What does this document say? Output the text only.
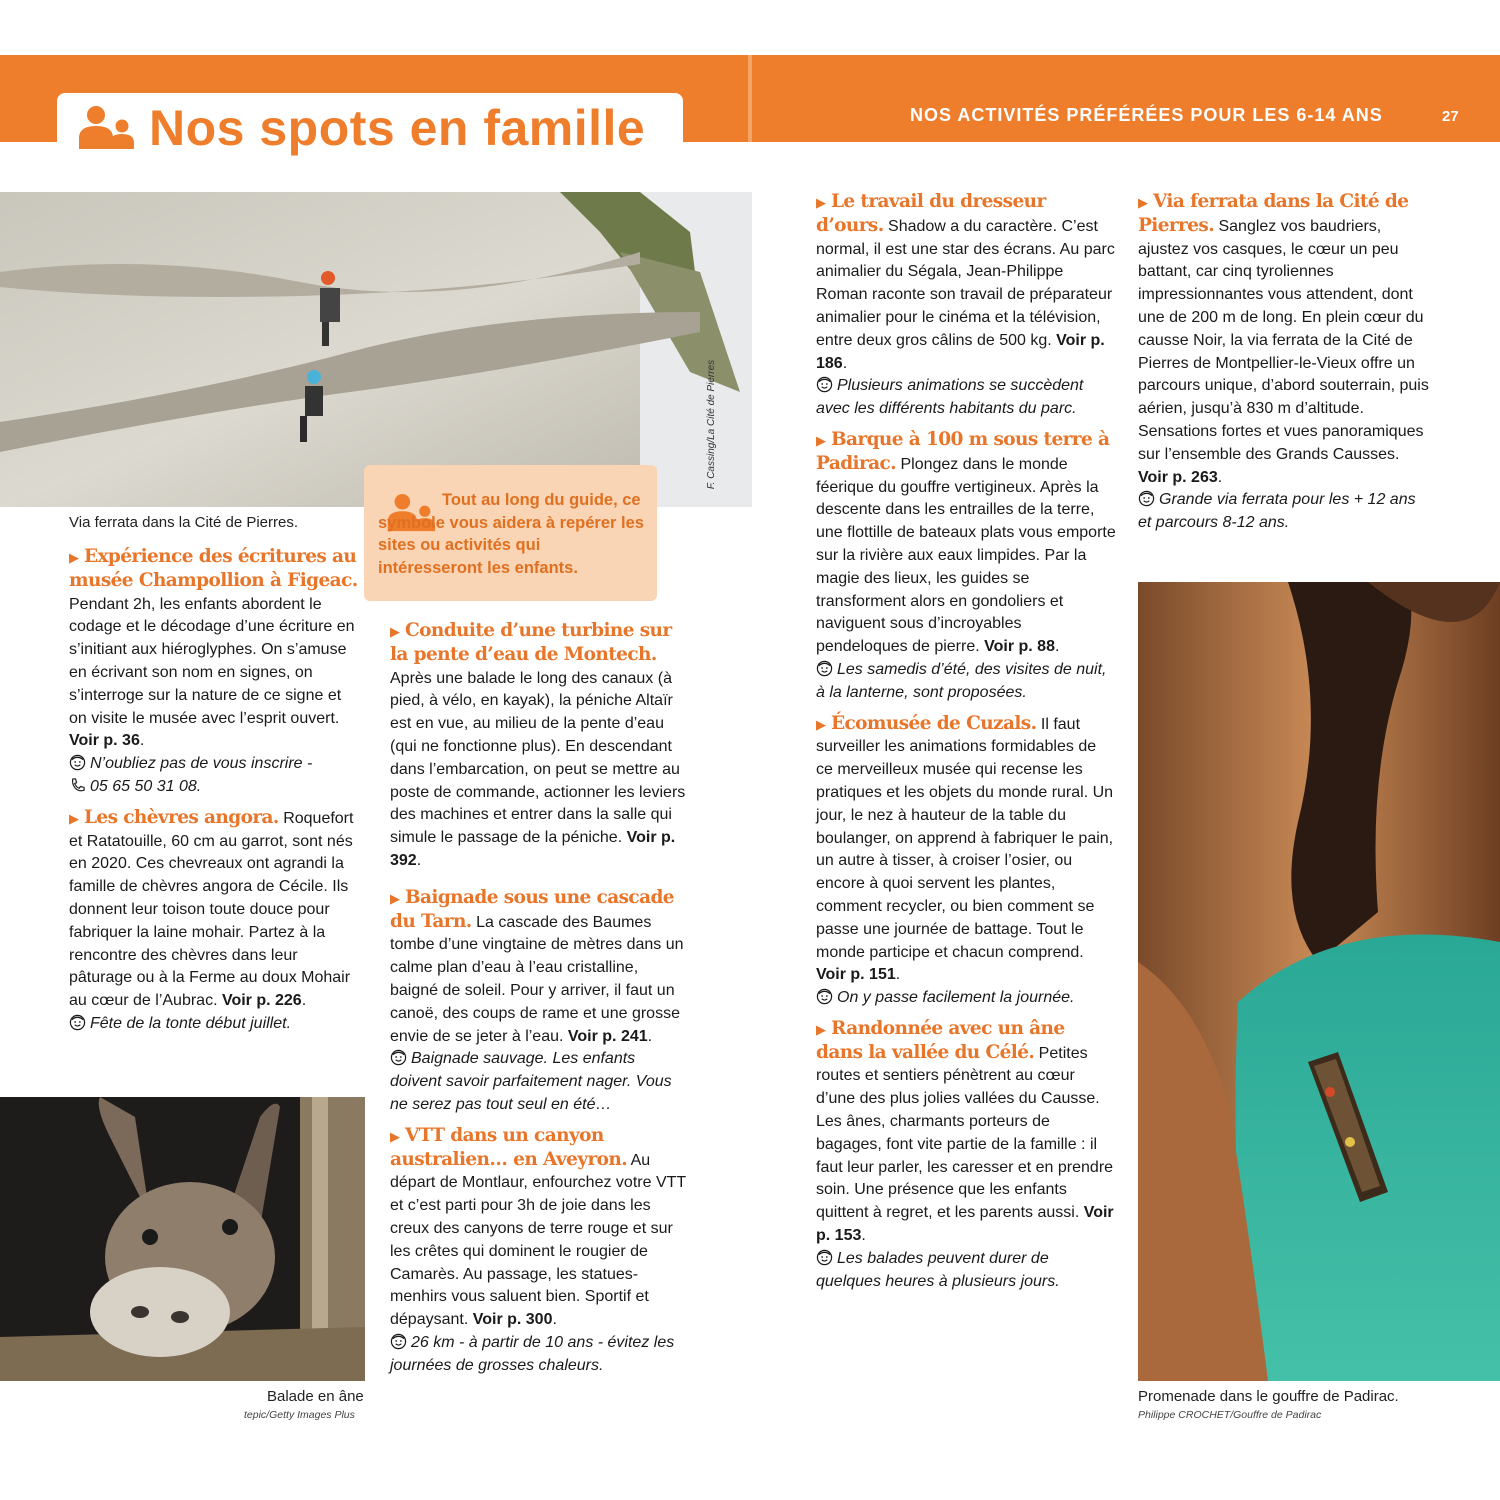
Nos spots en famille	NOS ACTIVITÉS PRÉFÉRÉES POUR LES 6-14 ANS	27
F. Cassing/La Cité de Pierres
Via ferrata dans la Cité de Pierres.

Tout au long du guide, ce symbole vous aidera à repérer les sites ou activités qui intéresseront les enfants.

▶ Expérience des écritures au musée Champollion à Figeac. Pendant 2h, les enfants abordent le codage et le décodage d’une écriture en s’initiant aux hiéroglyphes. On s’amuse en écrivant son nom en signes, on s’interroge sur la nature de ce signe et on visite le musée avec l’esprit ouvert. Voir p. 36.

N’oubliez pas de vous inscrire -
05 65 50 31 08.

▶ Les chèvres angora. Roquefort et Ratatouille, 60 cm au garrot, sont nés en 2020. Ces chevreaux ont agrandi la famille de chèvres angora de Cécile. Ils donnent leur toison toute douce pour fabriquer la laine mohair. Partez à la rencontre des chèvres dans leur pâturage ou à la Ferme au doux Mohair au cœur de l’Aubrac. Voir p. 226.

Fête de la tonte début juillet.

Balade en âne
tepic/Getty Images Plus

▶ Conduite d’une turbine sur la pente d’eau de Montech. Après une balade le long des canaux (à pied, à vélo, en kayak), la péniche Altaïr est en vue, au milieu de la pente d’eau (qui ne fonctionne plus). En descendant dans l’embarcation, on peut se mettre au poste de commande, actionner les leviers des machines et entrer dans la salle qui simule le passage de la péniche. Voir p. 392.

▶ Baignade sous une cascade du Tarn. La cascade des Baumes tombe d’une vingtaine de mètres dans un calme plan d’eau à l’eau cristalline, baigné de soleil. Pour y arriver, il faut un canoë, des coups de rame et une grosse envie de se jeter à l’eau. Voir p. 241.

Baignade sauvage. Les enfants doivent savoir parfaitement nager. Vous ne serez pas tout seul en été…

▶ VTT dans un canyon australien… en Aveyron. Au départ de Montlaur, enfourchez votre VTT et c’est parti pour 3h de joie dans les creux des canyons de terre rouge et sur les crêtes qui dominent le rougier de Camarès. Au passage, les statues-menhirs vous saluent bien. Sportif et dépaysant. Voir p. 300.

26 km - à partir de 10 ans - évitez les journées de grosses chaleurs.

▶ Le travail du dresseur d’ours. Shadow a du caractère. C’est normal, il est une star des écrans. Au parc animalier du Ségala, Jean-Philippe Roman raconte son travail de préparateur animalier pour le cinéma et la télévision, entre deux gros câlins de 500 kg. Voir p. 186.

Plusieurs animations se succèdent avec les différents habitants du parc.

▶ Barque à 100 m sous terre à Padirac. Plongez dans le monde féerique du gouffre vertigineux. Après la descente dans les entrailles de la terre, une flottille de bateaux plats vous emporte sur la rivière aux eaux limpides. Par la magie des lieux, les guides se transforment alors en gondoliers et naviguent sous d’incroyables pendeloques de pierre. Voir p. 88.

Les samedis d’été, des visites de nuit, à la lanterne, sont proposées.

▶ Écomusée de Cuzals. Il faut surveiller les animations formidables de ce merveilleux musée qui recense les pratiques et les objets du monde rural. Un jour, le nez à hauteur de la table du boulanger, on apprend à fabriquer le pain, un autre à tisser, à croiser l’osier, ou encore à quoi servent les plantes, comment recycler, ou bien comment se passe une journée de battage. Tout le monde participe et chacun comprend. Voir p. 151.

On y passe facilement la journée.

▶ Randonnée avec un âne dans la vallée du Célé. Petites routes et sentiers pénètrent au cœur d’une des plus jolies vallées du Causse. Les ânes, charmants porteurs de bagages, font vite partie de la famille : il faut leur parler, les caresser et en prendre soin. Une présence que les enfants quittent à regret, et les parents aussi. Voir p. 153.

Les balades peuvent durer de quelques heures à plusieurs jours.

▶ Via ferrata dans la Cité de Pierres. Sanglez vos baudriers, ajustez vos casques, le cœur un peu battant, car cinq tyroliennes impressionnantes vous attendent, dont une de 200 m de long. En plein cœur du causse Noir, la via ferrata de la Cité de Pierres de Montpellier-le-Vieux offre un parcours unique, d’abord souterrain, puis aérien, jusqu’à 830 m d’altitude. Sensations fortes et vues panoramiques sur l’ensemble des Grands Causses. Voir p. 263.

Grande via ferrata pour les + 12 ans et parcours 8-12 ans.

Promenade dans le gouffre de Padirac.
Philippe CROCHET/Gouffre de Padirac
